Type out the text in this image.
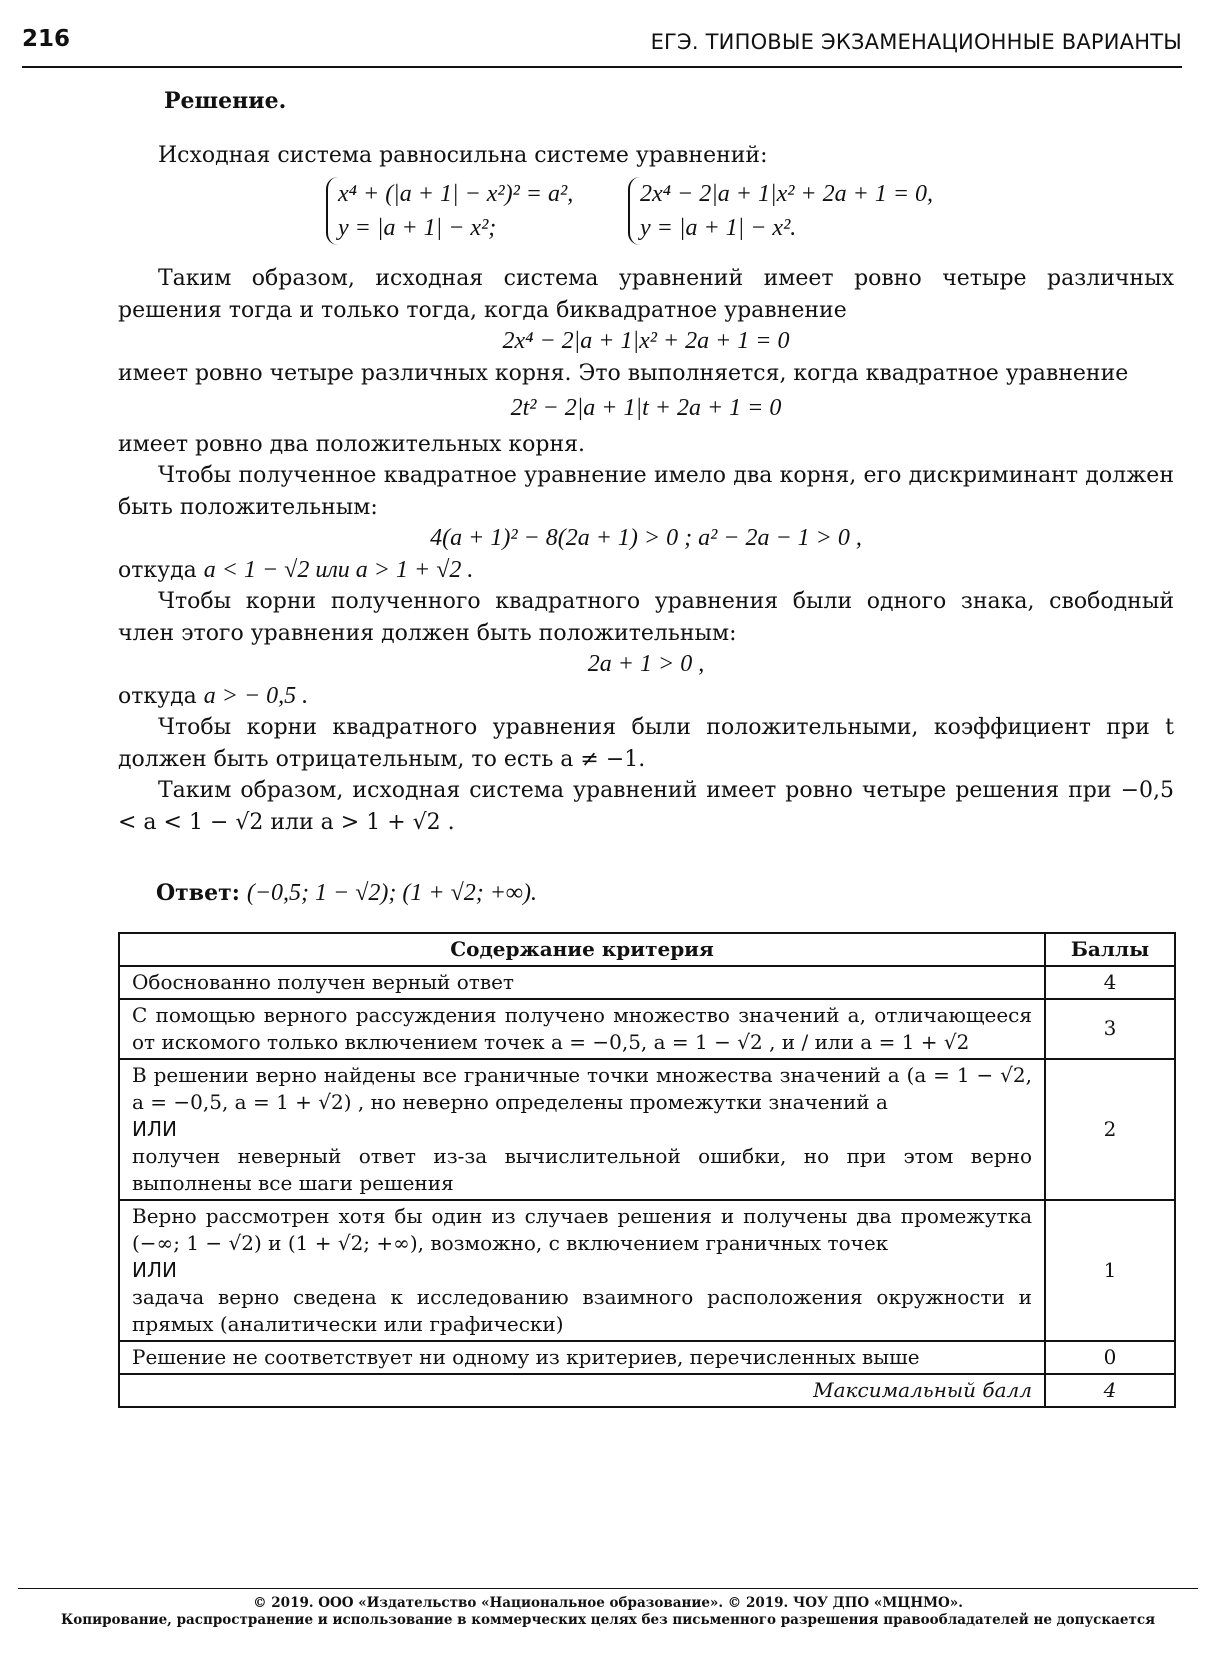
216	ЕГЭ. ТИПОВЫЕ ЭКЗАМЕНАЦИОННЫЕ ВАРИАНТЫ

Решение.

Исходная система равносильна системе уравнений:

x⁴ + (|a + 1| − x²)² = a²,
y = |a + 1| − x²;
2x⁴ − 2|a + 1|x² + 2a + 1 = 0,
y = |a + 1| − x².

Таким образом, исходная система уравнений имеет ровно четыре различных решения тогда и только тогда, когда биквадратное уравнение

2x⁴ − 2|a + 1|x² + 2a + 1 = 0

имеет ровно четыре различных корня. Это выполняется, когда квадратное уравнение

2t² − 2|a + 1|t + 2a + 1 = 0

имеет ровно два положительных корня.

Чтобы полученное квадратное уравнение имело два корня, его дискриминант должен быть положительным:

4(a + 1)² − 8(2a + 1) > 0 ; a² − 2a − 1 > 0 ,

откуда a < 1 − √2 или a > 1 + √2 .

Чтобы корни полученного квадратного уравнения были одного знака, свободный член этого уравнения должен быть положительным:

2a + 1 > 0 ,

откуда a > − 0,5 .

Чтобы корни квадратного уравнения были положительными, коэффициент при t должен быть отрицательным, то есть a ≠ −1.

Таким образом, исходная система уравнений имеет ровно четыре решения при −0,5 < a < 1 − √2 или a > 1 + √2 .

Ответ: (−0,5; 1 − √2); (1 + √2; +∞).

Содержание критерия	Баллы

Обоснованно получен верный ответ	4

С помощью верного рассуждения получено множество значений a, отличающееся от искомого только включением точек a = −0,5, a = 1 − √2 , и / или a = 1 + √2	3

В решении верно найдены все граничные точки множества значений a (a = 1 − √2, a = −0,5, a = 1 + √2) , но неверно определены промежутки значений a
ИЛИ
получен неверный ответ из-за вычислительной ошибки, но при этом верно выполнены все шаги решения	2

Верно рассмотрен хотя бы один из случаев решения и получены два промежутка (−∞; 1 − √2) и (1 + √2; +∞), возможно, с включением граничных точек
ИЛИ
задача верно сведена к исследованию взаимного расположения окружности и прямых (аналитически или графически)	1

Решение не соответствует ни одному из критериев, перечисленных выше	0
Максимальный балл	4
© 2019. ООО «Издательство «Национальное образование». © 2019. ЧОУ ДПО «МЦНМО».
Копирование, распространение и использование в коммерческих целях без письменного разрешения правообладателей не допускается
